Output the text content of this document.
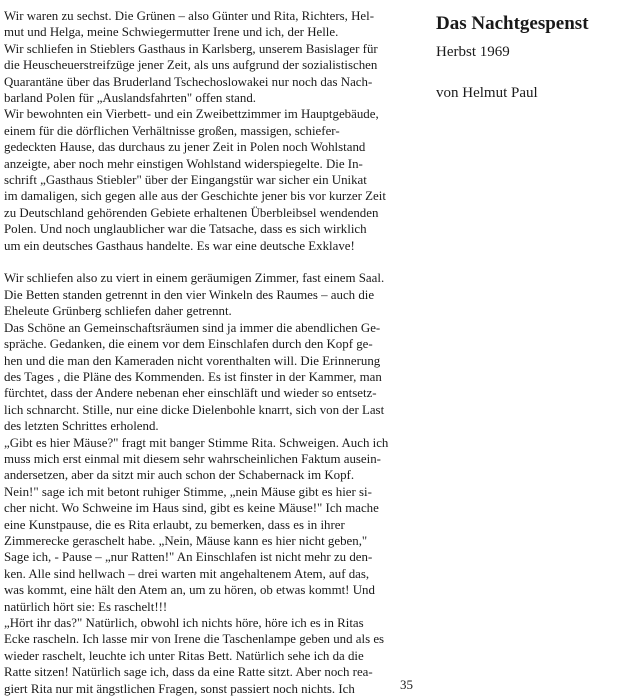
Wir waren zu sechst. Die Grünen – also Günter und Rita, Richters, Hel-
mut und Helga, meine Schwiegermutter Irene und ich, der Helle.
Wir schliefen in Stieblers Gasthaus in Karlsberg, unserem Basislager für
die Heuscheuerstreifzüge jener Zeit, als uns aufgrund der sozialistischen
Quarantäne über das Bruderland Tschechoslowakei nur noch das Nach-
barland Polen für „Auslandsfahrten" offen stand.
Wir bewohnten ein Vierbett- und ein Zweibettzimmer im Hauptgebäude,
einem für die dörflichen Verhältnisse großen, massigen, schiefer-
gedeckten Hause, das durchaus zu jener Zeit in Polen noch Wohlstand
anzeigte, aber noch mehr einstigen Wohlstand widerspiegelte. Die In-
schrift „Gasthaus Stiebler" über der Eingangstür war sicher ein Unikat
im damaligen, sich gegen alle aus der Geschichte jener bis vor kurzer Zeit
zu Deutschland gehörenden Gebiete erhaltenen Überbleibsel wendenden
Polen. Und noch unglaublicher war die Tatsache, dass es sich wirklich
um ein deutsches Gasthaus handelte. Es war eine deutsche Exklave!
Wir schliefen also zu viert in einem geräumigen Zimmer, fast einem Saal.
Die Betten standen getrennt in den vier Winkeln des Raumes – auch die
Eheleute Grünberg schliefen daher getrennt.
Das Schöne an Gemeinschaftsräumen sind ja immer die abendlichen Ge-
spräche. Gedanken, die einem vor dem Einschlafen durch den Kopf ge-
hen und die man den Kameraden nicht vorenthalten will. Die Erinnerung
des Tages , die Pläne des Kommenden. Es ist finster in der Kammer, man
fürchtet, dass der Andere nebenan eher einschläft und wieder so entsetz-
lich schnarcht. Stille, nur eine dicke Dielenbohle knarrt, sich von der Last
des letzten Schrittes erholend.
„Gibt es hier Mäuse?" fragt mit banger Stimme Rita. Schweigen. Auch ich
muss mich erst einmal mit diesem sehr wahrscheinlichen Faktum ausein-
andersetzen, aber da sitzt mir auch schon der Schabernack im Kopf.
Nein!" sage ich mit betont ruhiger Stimme, „nein Mäuse gibt es hier si-
cher nicht. Wo Schweine im Haus sind, gibt es keine Mäuse!" Ich mache
eine Kunstpause, die es Rita erlaubt, zu bemerken, dass es in ihrer
Zimmerecke geraschelt habe. „Nein, Mäuse kann es hier nicht geben,"
Sage ich, - Pause – „nur Ratten!" An Einschlafen ist nicht mehr zu den-
ken. Alle sind hellwach – drei warten mit angehaltenem Atem, auf das,
was kommt, eine hält den Atem an, um zu hören, ob etwas kommt! Und
natürlich hört sie: Es raschelt!!!
„Hört ihr das?" Natürlich, obwohl ich nichts höre, höre ich es in Ritas
Ecke rascheln. Ich lasse mir von Irene die Taschenlampe geben und als es
wieder raschelt, leuchte ich unter Ritas Bett. Natürlich sehe ich da die
Ratte sitzen! Natürlich sage ich, dass da eine Ratte sitzt. Aber noch rea-
giert Rita nur mit ängstlichen Fragen, sonst passiert noch nichts. Ich
Das Nachtgespenst
Herbst 1969
von Helmut Paul
35
